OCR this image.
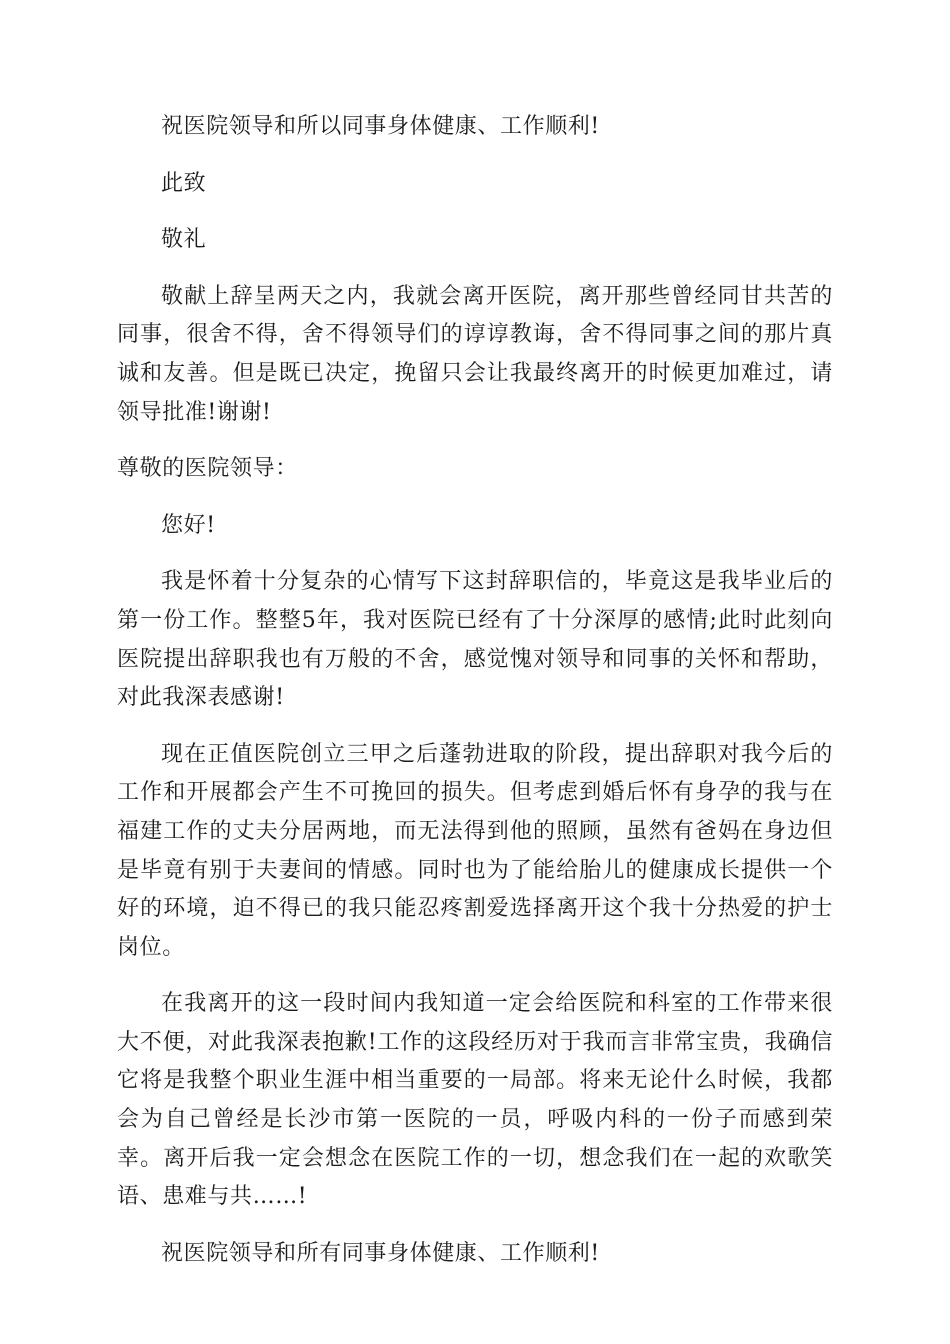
祝医院领导和所以同事身体健康、工作顺利!

此致

敬礼

敬献上辞呈两天之内，我就会离开医院，离开那些曾经同甘共苦的同事，很舍不得，舍不得领导们的谆谆教诲，舍不得同事之间的那片真诚和友善。但是既已决定，挽留只会让我最终离开的时候更加难过，请领导批准!谢谢!

尊敬的医院领导：

您好!

我是怀着十分复杂的心情写下这封辞职信的，毕竟这是我毕业后的第一份工作。整整5年，我对医院已经有了十分深厚的感情;此时此刻向医院提出辞职我也有万般的不舍，感觉愧对领导和同事的关怀和帮助，对此我深表感谢!

现在正值医院创立三甲之后蓬勃进取的阶段，提出辞职对我今后的工作和开展都会产生不可挽回的损失。但考虑到婚后怀有身孕的我与在福建工作的丈夫分居两地，而无法得到他的照顾，虽然有爸妈在身边但是毕竟有别于夫妻间的情感。同时也为了能给胎儿的健康成长提供一个好的环境，迫不得已的我只能忍疼割爱选择离开这个我十分热爱的护士岗位。

在我离开的这一段时间内我知道一定会给医院和科室的工作带来很大不便，对此我深表抱歉!工作的这段经历对于我而言非常宝贵，我确信它将是我整个职业生涯中相当重要的一局部。将来无论什么时候，我都会为自己曾经是长沙市第一医院的一员，呼吸内科的一份子而感到荣幸。离开后我一定会想念在医院工作的一切，想念我们在一起的欢歌笑语、患难与共……!

祝医院领导和所有同事身体健康、工作顺利!
